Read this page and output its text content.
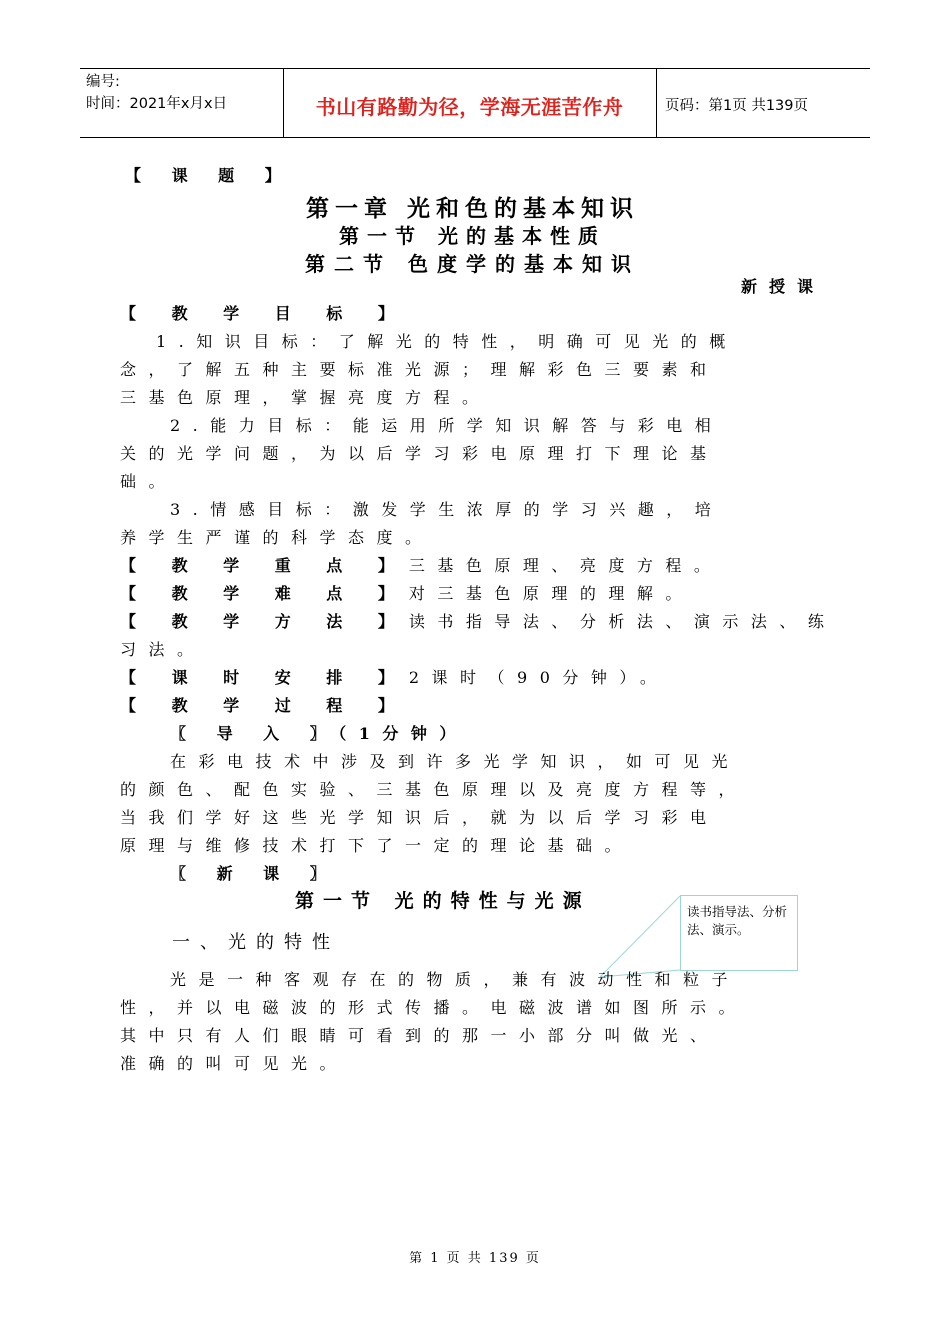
编号:
时间：2021年x月x日	书山有路勤为径，学海无涯苦作舟	页码：第1页 共139页
【 课 题 】
第一章 光和色的基本知识
第一节 光的基本性质
第二节 色度学的基本知识
新授课
【 教 学 目 标 】
1.知识目标：了解光的特性，明确可见光的概
念，了解五种主要标准光源；理解彩色三要素和
三基色原理，掌握亮度方程。
2.能力目标：能运用所学知识解答与彩电相
关的光学问题，为以后学习彩电原理打下理论基
础。
3.情感目标：激发学生浓厚的学习兴趣，培
养学生严谨的科学态度。
【 教 学 重 点 】三基色原理、亮度方程。
【 教 学 难 点 】对三基色原理的理解。
【 教 学 方 法 】读书指导法、分析法、演示法、练
习法。
【 课 时 安 排 】2课时（90分钟）。
【 教 学 过 程 】
〖 导 入 〗（1分钟）
在彩电技术中涉及到许多光学知识，如可见光
的颜色、配色实验、三基色原理以及亮度方程等，
当我们学好这些光学知识后，就为以后学习彩电
原理与维修技术打下了一定的理论基础。
〖 新 课 〗
第一节 光的特性与光源	读书指导法、分析法、演示。
一、光的特性
光是一种客观存在的物质，兼有波动性和粒子
性，并以电磁波的形式传播。电磁波谱如图所示。
其中只有人们眼睛可看到的那一小部分叫做光、
准确的叫可见光。
第 1 页 共 139 页
